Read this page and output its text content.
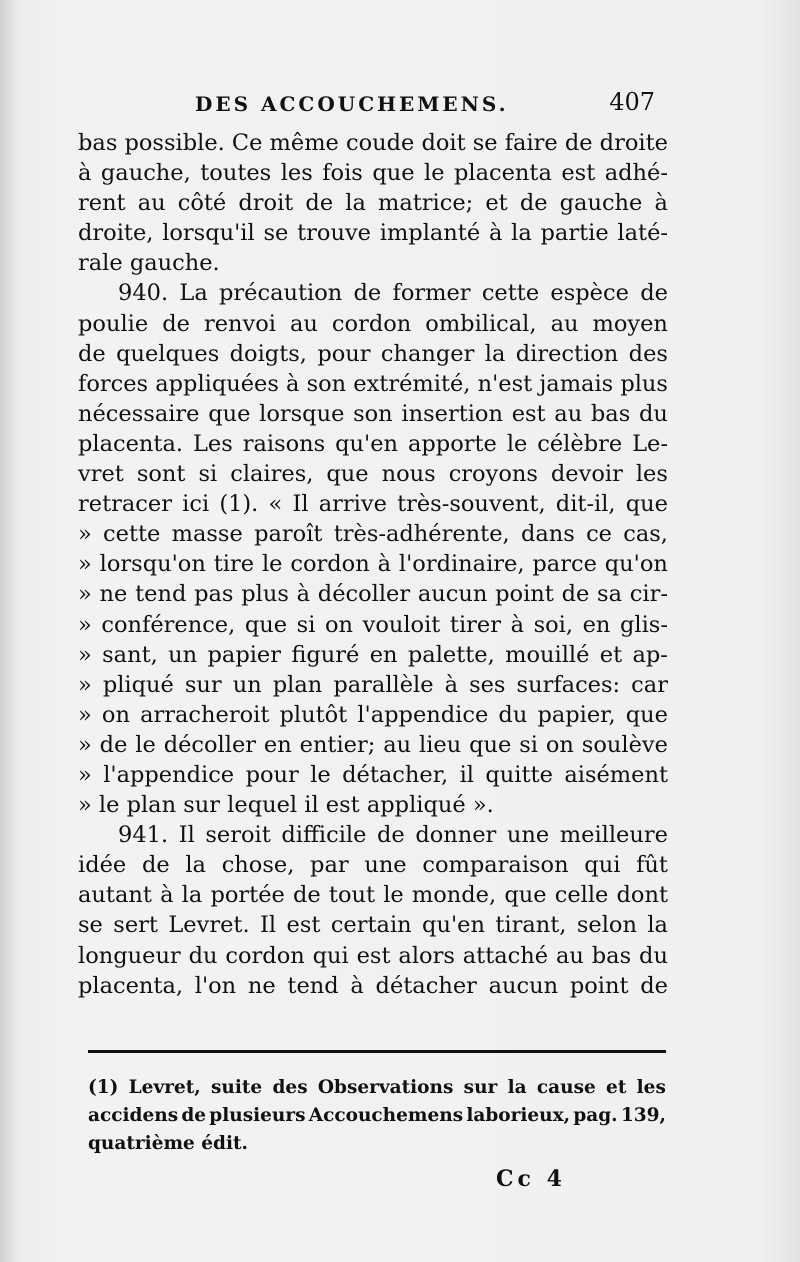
DES ACCOUCHEMENS.	407
bas possible. Ce même coude doit se faire de droite
à gauche, toutes les fois que le placenta est adhé-
rent au côté droit de la matrice; et de gauche à
droite, lorsqu'il se trouve implanté à la partie laté-
rale gauche.
940. La précaution de former cette espèce de
poulie de renvoi au cordon ombilical, au moyen
de quelques doigts, pour changer la direction des
forces appliquées à son extrémité, n'est jamais plus
nécessaire que lorsque son insertion est au bas du
placenta. Les raisons qu'en apporte le célèbre Le-
vret sont si claires, que nous croyons devoir les
retracer ici (1). « Il arrive très-souvent, dit-il, que
» cette masse paroît très-adhérente, dans ce cas,
» lorsqu'on tire le cordon à l'ordinaire, parce qu'on
» ne tend pas plus à décoller aucun point de sa cir-
» conférence, que si on vouloit tirer à soi, en glis-
» sant, un papier figuré en palette, mouillé et ap-
» pliqué sur un plan parallèle à ses surfaces: car
» on arracheroit plutôt l'appendice du papier, que
» de le décoller en entier; au lieu que si on soulève
» l'appendice pour le détacher, il quitte aisément
» le plan sur lequel il est appliqué ».
941. Il seroit difficile de donner une meilleure
idée de la chose, par une comparaison qui fût
autant à la portée de tout le monde, que celle dont
se sert Levret. Il est certain qu'en tirant, selon la
longueur du cordon qui est alors attaché au bas du
placenta, l'on ne tend à détacher aucun point de
(1) Levret, suite des Observations sur la cause et les
accidens de plusieurs Accouchemens laborieux, pag. 139,
quatrième édit.
Cc 4
